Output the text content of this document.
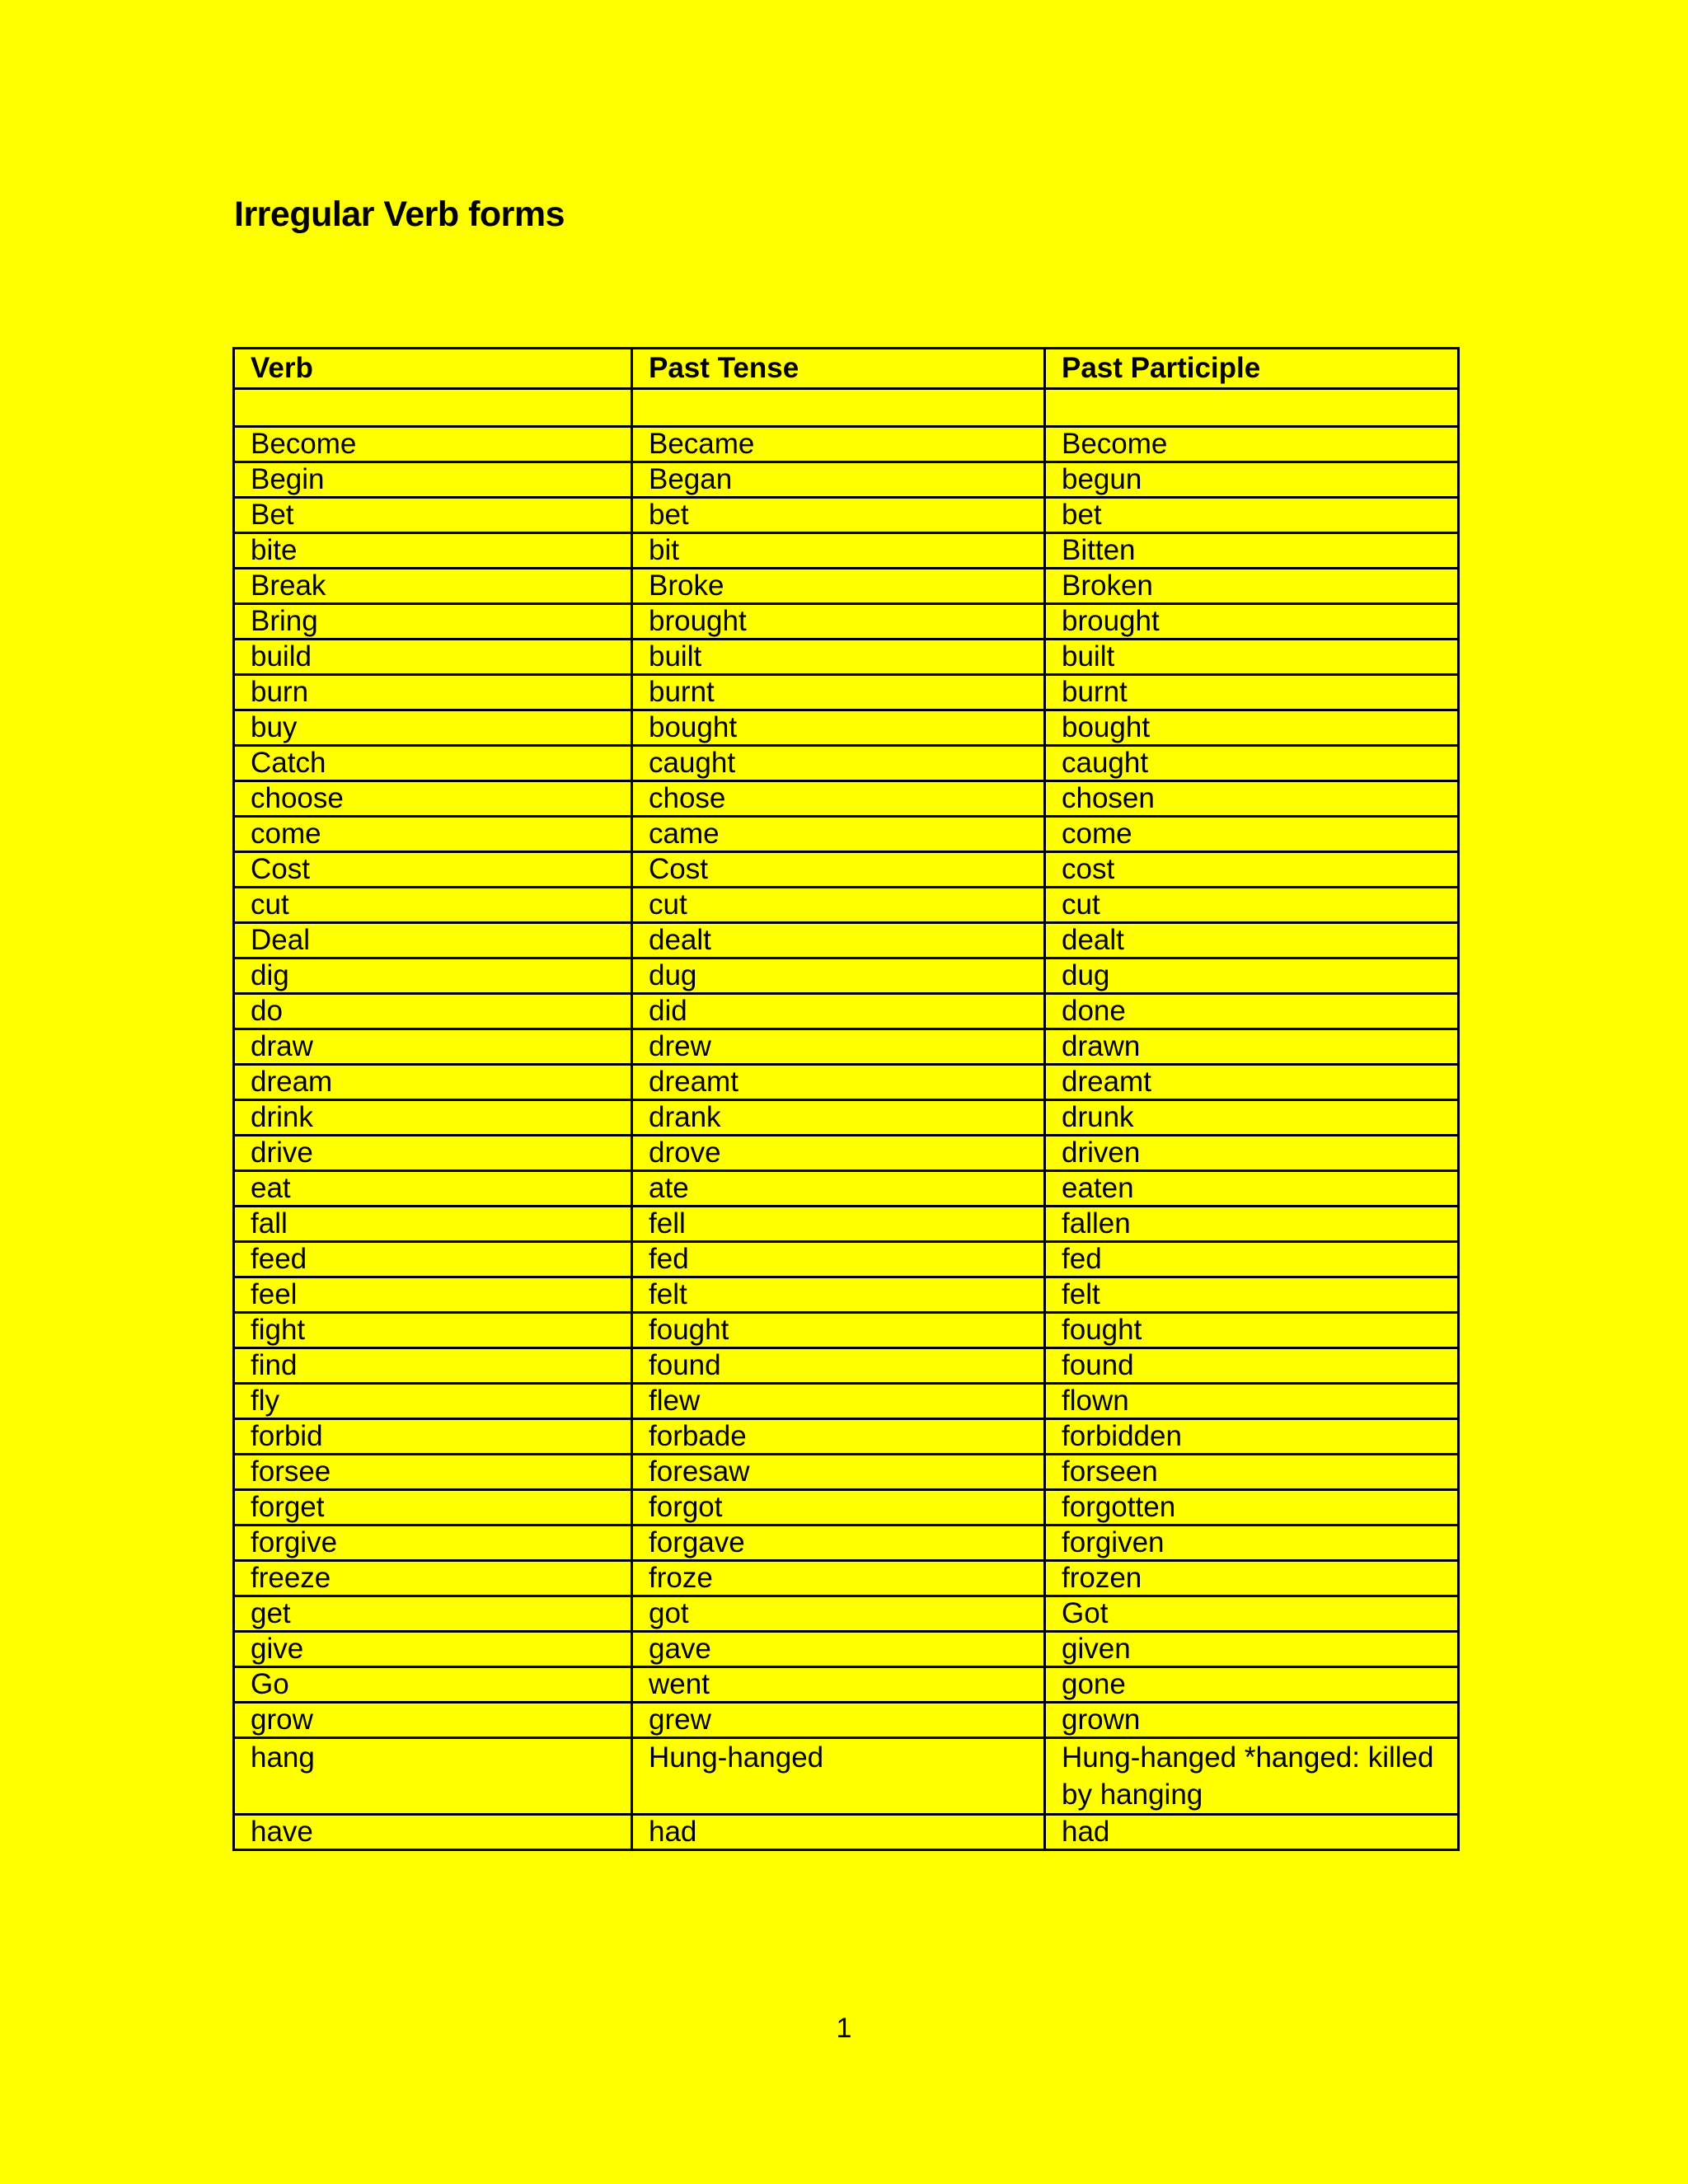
Irregular Verb forms
Verb	Past Tense	Past Participle

Become	Became	Become
Begin	Began	begun
Bet	bet	bet
bite	bit	Bitten
Break	Broke	Broken
Bring	brought	brought
build	built	built
burn	burnt	burnt
buy	bought	bought
Catch	caught	caught
choose	chose	chosen
come	came	come
Cost	Cost	cost
cut	cut	cut
Deal	dealt	dealt
dig	dug	dug
do	did	done
draw	drew	drawn
dream	dreamt	dreamt
drink	drank	drunk
drive	drove	driven
eat	ate	eaten
fall	fell	fallen
feed	fed	fed
feel	felt	felt
fight	fought	fought
find	found	found
fly	flew	flown
forbid	forbade	forbidden
forsee	foresaw	forseen
forget	forgot	forgotten
forgive	forgave	forgiven
freeze	froze	frozen
get	got	Got
give	gave	given
Go	went	gone
grow	grew	grown
hang	Hung-hanged	Hung-hanged *hanged: killed by hanging
have	had	had
1
